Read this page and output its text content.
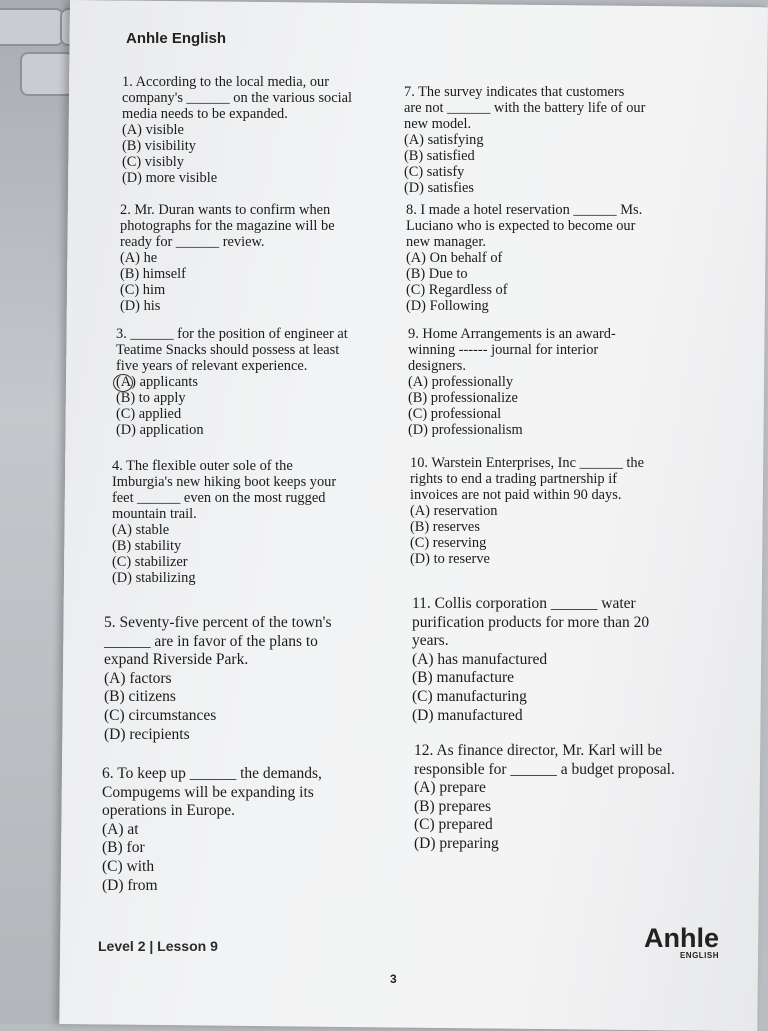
Anhle English
1. According to the local media, our
company's ______ on the various social
media needs to be expanded.
(A) visible
(B) visibility
(C) visibly
(D) more visible
2. Mr. Duran wants to confirm when
photographs for the magazine will be
ready for ______ review.
(A) he
(B) himself
(C) him
(D) his
3. ______ for the position of engineer at
Teatime Snacks should possess at least
five years of relevant experience.
(A) applicants
(B) to apply
(C) applied
(D) application
4. The flexible outer sole of the
Imburgia's new hiking boot keeps your
feet ______ even on the most rugged
mountain trail.
(A) stable
(B) stability
(C) stabilizer
(D) stabilizing
5. Seventy-five percent of the town's
______ are in favor of the plans to
expand Riverside Park.
(A) factors
(B) citizens
(C) circumstances
(D) recipients
6. To keep up ______ the demands,
Compugems will be expanding its
operations in Europe.
(A) at
(B) for
(C) with
(D) from
7. The survey indicates that customers
are not ______ with the battery life of our
new model.
(A) satisfying
(B) satisfied
(C) satisfy
(D) satisfies
8. I made a hotel reservation ______ Ms.
Luciano who is expected to become our
new manager.
(A) On behalf of
(B) Due to
(C) Regardless of
(D) Following
9. Home Arrangements is an award-
winning ------ journal for interior
designers.
(A) professionally
(B) professionalize
(C) professional
(D) professionalism
10. Warstein Enterprises, Inc ______ the
rights to end a trading partnership if
invoices are not paid within 90 days.
(A) reservation
(B) reserves
(C) reserving
(D) to reserve
11. Collis corporation ______ water
purification products for more than 20
years.
(A) has manufactured
(B) manufacture
(C) manufacturing
(D) manufactured
12. As finance director, Mr. Karl will be
responsible for ______ a budget proposal.
(A) prepare
(B) prepares
(C) prepared
(D) preparing
Level 2 | Lesson 9	Anhle
ENGLISH
3
